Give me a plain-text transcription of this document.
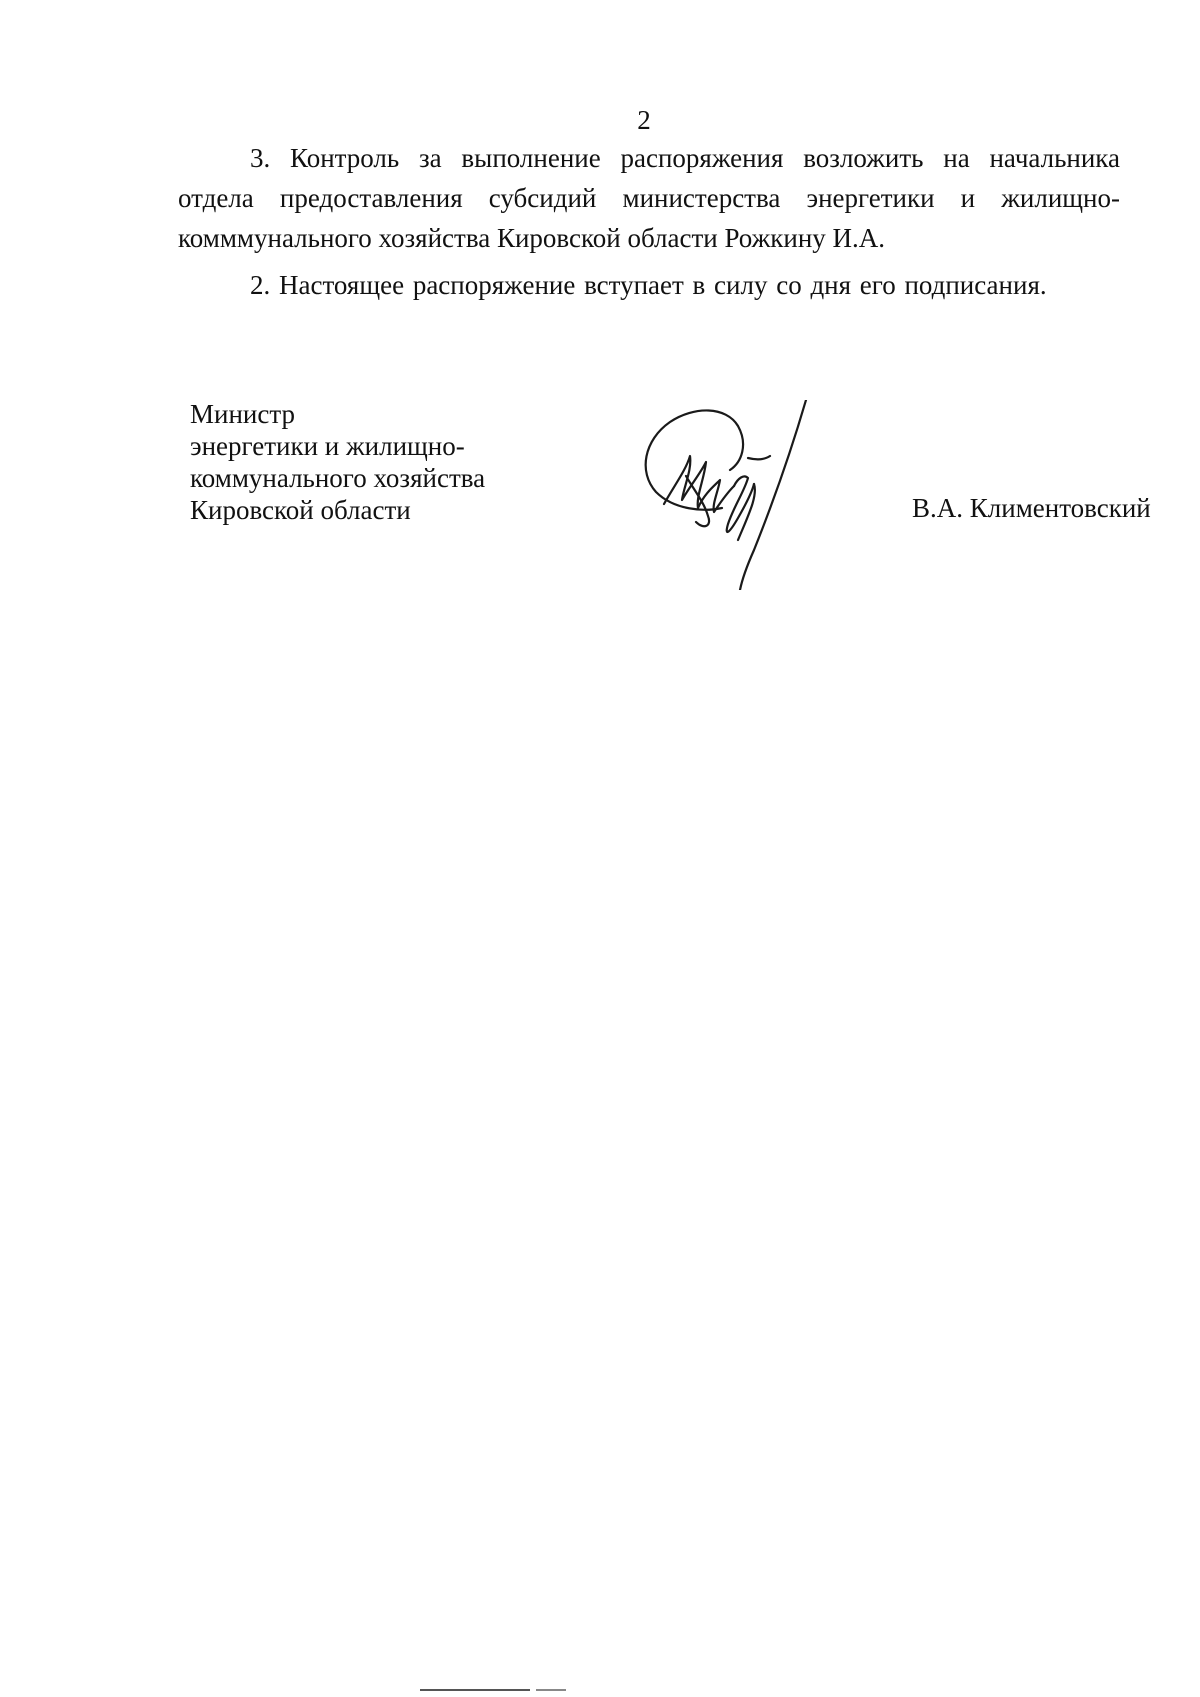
2
3. Контроль за выполнение распоряжения возложить на начальника
отдела предоставления субсидий министерства энергетики и жилищно-
комммунального хозяйства Кировской области Рожкину И.А.
2. Настоящее распоряжение вступает в силу со дня его подписания.
Министр
энергетики и жилищно-
коммунального хозяйства
Кировской области	В.А. Климентовский
